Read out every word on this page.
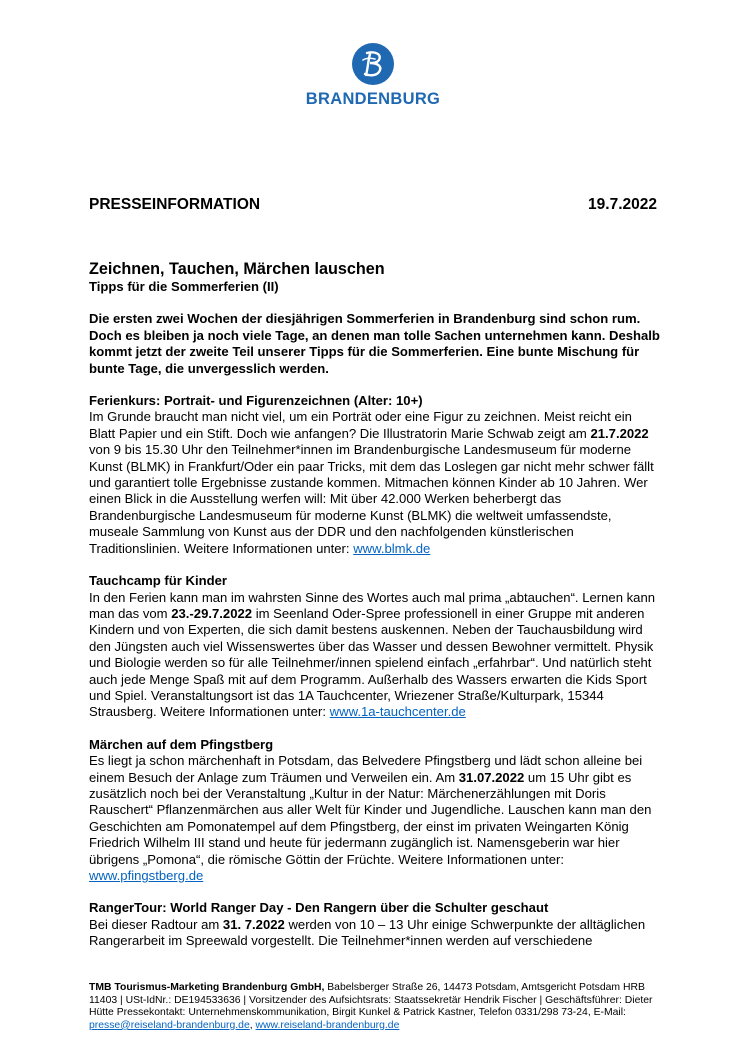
BRANDENBURG
PRESSEINFORMATION	19.7.2022

Zeichnen, Tauchen, Märchen lauschen

Tipps für die Sommerferien (II)

Die ersten zwei Wochen der diesjährigen Sommerferien in Brandenburg sind schon rum. Doch es bleiben ja noch viele Tage, an denen man tolle Sachen unternehmen kann. Deshalb kommt jetzt der zweite Teil unserer Tipps für die Sommerferien. Eine bunte Mischung für bunte Tage, die unvergesslich werden.

Ferienkurs: Portrait- und Figurenzeichnen (Alter: 10+)
Im Grunde braucht man nicht viel, um ein Porträt oder eine Figur zu zeichnen. Meist reicht ein Blatt Papier und ein Stift. Doch wie anfangen? Die Illustratorin Marie Schwab zeigt am 21.7.2022 von 9 bis 15.30 Uhr den Teilnehmer*innen im Brandenburgische Landesmuseum für moderne Kunst (BLMK) in Frankfurt/Oder ein paar Tricks, mit dem das Loslegen gar nicht mehr schwer fällt und garantiert tolle Ergebnisse zustande kommen. Mitmachen können Kinder ab 10 Jahren. Wer einen Blick in die Ausstellung werfen will: Mit über 42.000 Werken beherbergt das Brandenburgische Landesmuseum für moderne Kunst (BLMK) die weltweit umfassendste, museale Sammlung von Kunst aus der DDR und den nachfolgenden künstlerischen Traditionslinien. Weitere Informationen unter: www.blmk.de
Tauchcamp für Kinder
In den Ferien kann man im wahrsten Sinne des Wortes auch mal prima „abtauchen“. Lernen kann man das vom 23.-29.7.2022 im Seenland Oder-Spree professionell in einer Gruppe mit anderen Kindern und von Experten, die sich damit bestens auskennen. Neben der Tauchausbildung wird den Jüngsten auch viel Wissenswertes über das Wasser und dessen Bewohner vermittelt. Physik und Biologie werden so für alle Teilnehmer/innen spielend einfach „erfahrbar“. Und natürlich steht auch jede Menge Spaß mit auf dem Programm. Außerhalb des Wassers erwarten die Kids Sport und Spiel. Veranstaltungsort ist das 1A Tauchcenter, Wriezener Straße/Kulturpark, 15344 Strausberg. Weitere Informationen unter: www.1a-tauchcenter.de
Märchen auf dem Pfingstberg
Es liegt ja schon märchenhaft in Potsdam, das Belvedere Pfingstberg und lädt schon alleine bei einem Besuch der Anlage zum Träumen und Verweilen ein. Am 31.07.2022 um 15 Uhr gibt es zusätzlich noch bei der Veranstaltung „Kultur in der Natur: Märchenerzählungen mit Doris Rauschert“ Pflanzenmärchen aus aller Welt für Kinder und Jugendliche. Lauschen kann man den Geschichten am Pomonatempel auf dem Pfingstberg, der einst im privaten Weingarten König Friedrich Wilhelm III stand und heute für jedermann zugänglich ist. Namensgeberin war hier übrigens „Pomona“, die römische Göttin der Früchte. Weitere Informationen unter: www.pfingstberg.de
RangerTour: World Ranger Day - Den Rangern über die Schulter geschaut
Bei dieser Radtour am 31. 7.2022 werden von 10 – 13 Uhr einige Schwerpunkte der alltäglichen Rangerarbeit im Spreewald vorgestellt. Die Teilnehmer*innen werden auf verschiedene
TMB Tourismus-Marketing Brandenburg GmbH, Babelsberger Straße 26, 14473 Potsdam, Amtsgericht Potsdam HRB 11403 | USt-IdNr.: DE194533636 | Vorsitzender des Aufsichtsrats: Staatssekretär Hendrik Fischer | Geschäftsführer: Dieter Hütte Pressekontakt: Unternehmenskommunikation, Birgit Kunkel & Patrick Kastner, Telefon 0331/298 73-24, E-Mail: presse@reiseland-brandenburg.de, www.reiseland-brandenburg.de
